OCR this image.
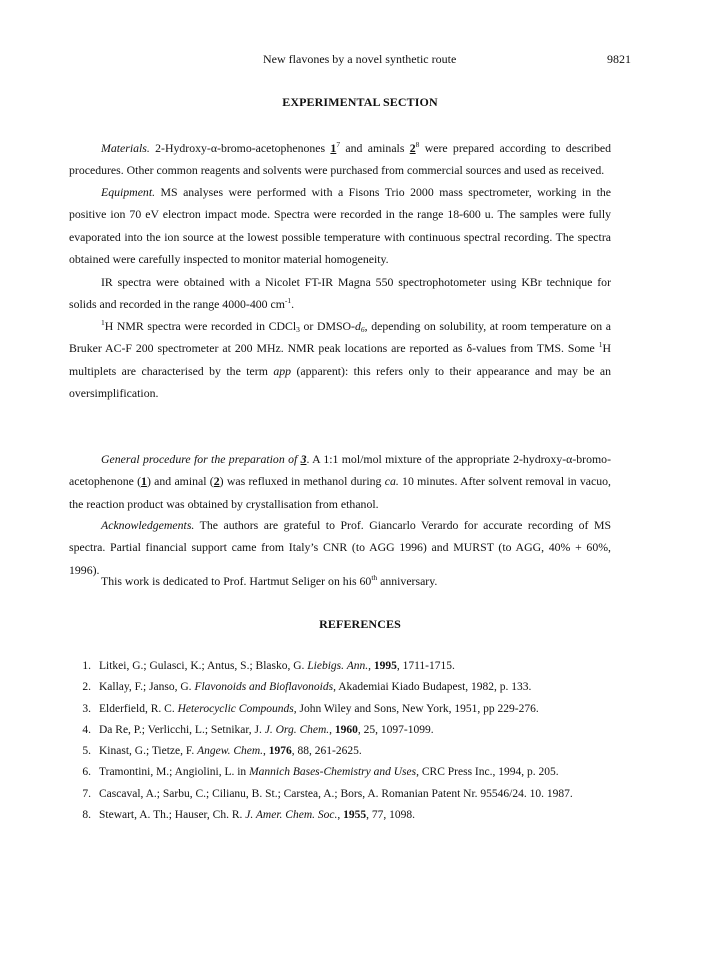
New flavones by a novel synthetic route	9821
EXPERIMENTAL SECTION

Materials. 2-Hydroxy-α-bromo-acetophenones $1^7$ and aminals $2^8$ were prepared according to described procedures. Other common reagents and solvents were purchased from commercial sources and used as received.

Equipment. MS analyses were performed with a Fisons Trio 2000 mass spectrometer, working in the positive ion 70 eV electron impact mode. Spectra were recorded in the range 18-600 u. The samples were fully evaporated into the ion source at the lowest possible temperature with continuous spectral recording. The spectra obtained were carefully inspected to monitor material homogeneity.

IR spectra were obtained with a Nicolet FT-IR Magna 550 spectrophotometer using KBr technique for solids and recorded in the range 4000-400 $cm^{-1}$.

$^1$H NMR spectra were recorded in CDCl$_3$ or DMSO-$d_6$, depending on solubility, at room temperature on a Bruker AC-F 200 spectrometer at 200 MHz. NMR peak locations are reported as δ-values from TMS. Some $^1$H multiplets are characterised by the term app (apparent): this refers only to their appearance and may be an oversimplification.

General procedure for the preparation of 3. A 1:1 mol/mol mixture of the appropriate 2-hydroxy-α-bromo-acetophenone (1) and aminal (2) was refluxed in methanol during ca. 10 minutes. After solvent removal in vacuo, the reaction product was obtained by crystallisation from ethanol.

Acknowledgements. The authors are grateful to Prof. Giancarlo Verardo for accurate recording of MS spectra. Partial financial support came from Italy’s CNR (to AGG 1996) and MURST (to AGG, 40% + 60%, 1996).

This work is dedicated to Prof. Hartmut Seliger on his 60th anniversary.

REFERENCES
1. Litkei, G.; Gulasci, K.; Antus, S.; Blasko, G. Liebigs. Ann., 1995, 1711-1715.
2. Kallay, F.; Janso, G. Flavonoids and Bioflavonoids, Akademiai Kiado Budapest, 1982, p. 133.
3. Elderfield, R. C. Heterocyclic Compounds, John Wiley and Sons, New York, 1951, pp 229-276.
4. Da Re, P.; Verlicchi, L.; Setnikar, J. J. Org. Chem., 1960, 25, 1097-1099.
5. Kinast, G.; Tietze, F. Angew. Chem., 1976, 88, 261-2625.
6. Tramontini, M.; Angiolini, L. in Mannich Bases-Chemistry and Uses, CRC Press Inc., 1994, p. 205.
7. Cascaval, A.; Sarbu, C.; Cilianu, B. St.; Carstea, A.; Bors, A. Romanian Patent Nr. 95546/24. 10. 1987.
8. Stewart, A. Th.; Hauser, Ch. R. J. Amer. Chem. Soc., 1955, 77, 1098.
